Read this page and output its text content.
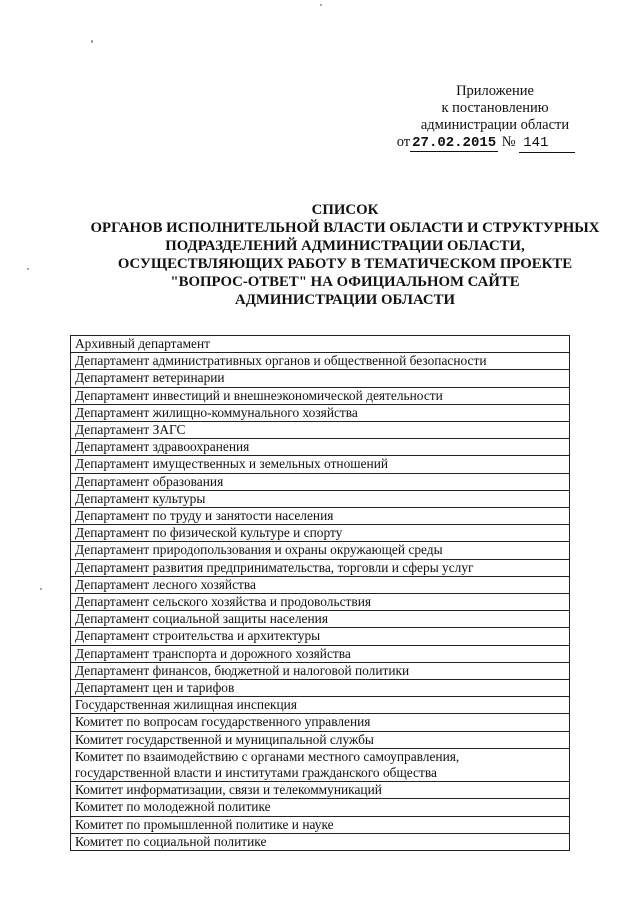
Приложение
к постановлению
администрации области
от 27.02.2015 № 141
СПИСОК
ОРГАНОВ ИСПОЛНИТЕЛЬНОЙ ВЛАСТИ ОБЛАСТИ И СТРУКТУРНЫХ
ПОДРАЗДЕЛЕНИЙ АДМИНИСТРАЦИИ ОБЛАСТИ,
ОСУЩЕСТВЛЯЮЩИХ РАБОТУ В ТЕМАТИЧЕСКОМ ПРОЕКТЕ
"ВОПРОС-ОТВЕТ" НА ОФИЦИАЛЬНОМ САЙТЕ
АДМИНИСТРАЦИИ ОБЛАСТИ
Архивный департамент

Департамент административных органов и общественной безопасности

Департамент ветеринарии

Департамент инвестиций и внешнеэкономической деятельности

Департамент жилищно-коммунального хозяйства

Департамент ЗАГС

Департамент здравоохранения

Департамент имущественных и земельных отношений

Департамент образования

Департамент культуры

Департамент по труду и занятости населения

Департамент по физической культуре и спорту

Департамент природопользования и охраны окружающей среды

Департамент развития предпринимательства, торговли и сферы услуг

Департамент лесного хозяйства

Департамент сельского хозяйства и продовольствия

Департамент социальной защиты населения

Департамент строительства и архитектуры

Департамент транспорта и дорожного хозяйства

Департамент финансов, бюджетной и налоговой политики

Департамент цен и тарифов

Государственная жилищная инспекция

Комитет по вопросам государственного управления

Комитет государственной и муниципальной службы

Комитет по взаимодействию с органами местного самоуправления,
государственной власти и институтами гражданского общества

Комитет информатизации, связи и телекоммуникаций

Комитет по молодежной политике

Комитет по промышленной политике и науке

Комитет по социальной политике
